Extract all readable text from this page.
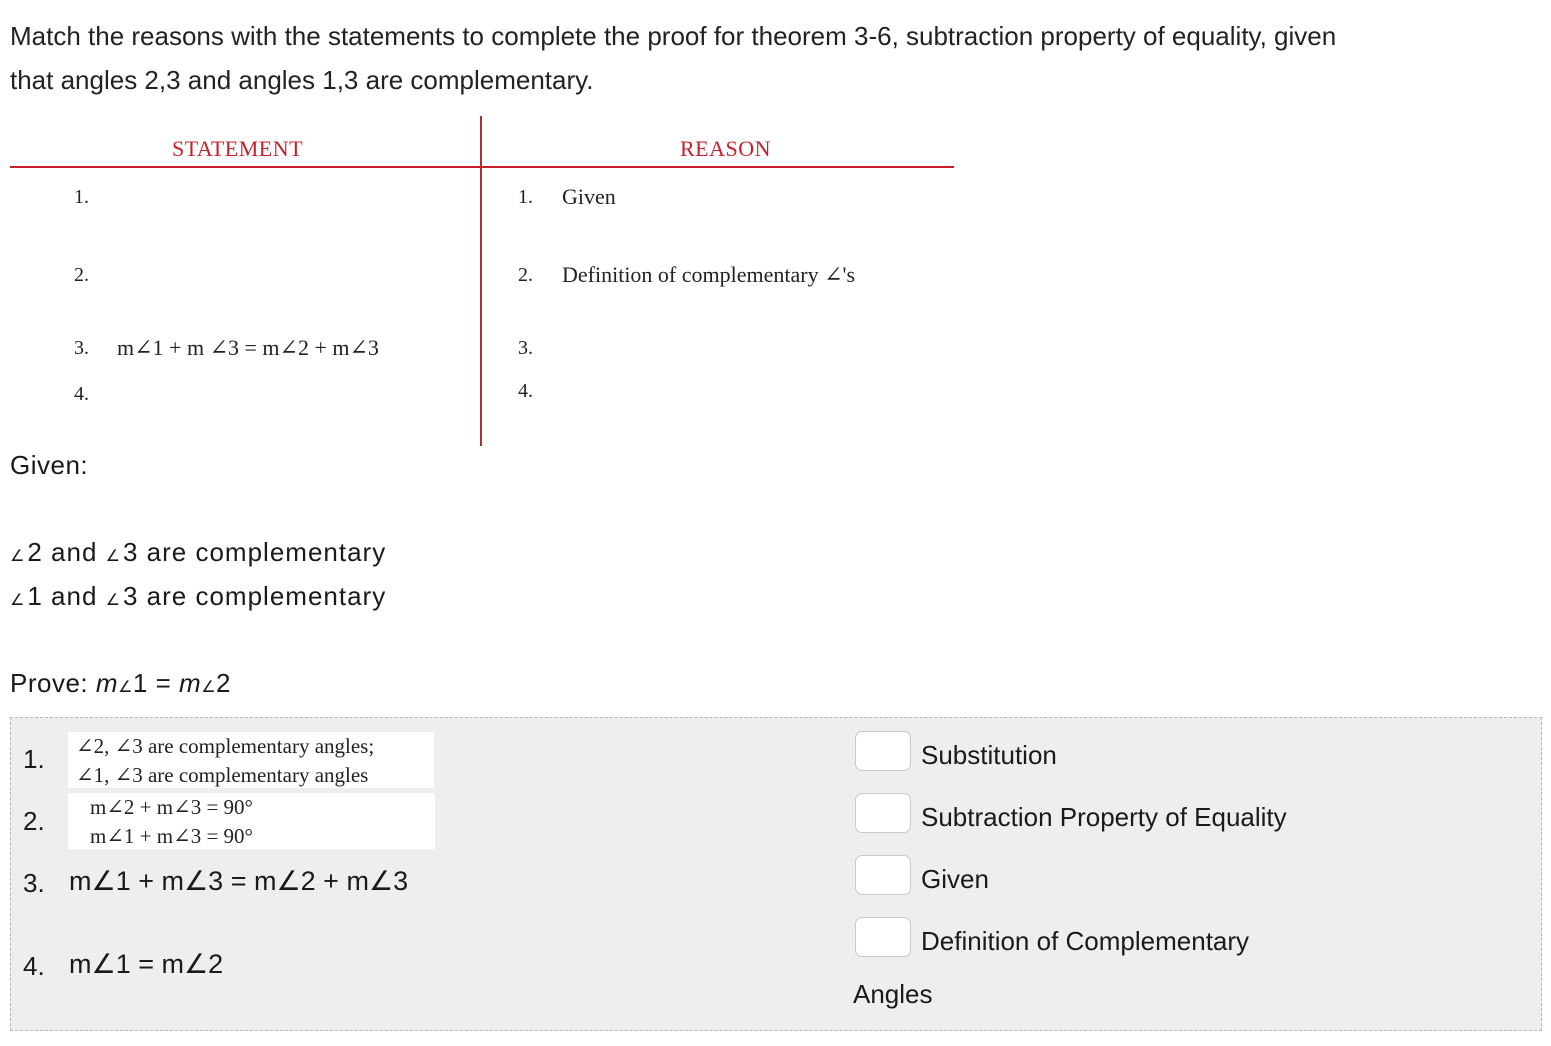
Match the reasons with the statements to complete the proof for theorem 3-6, subtraction property of equality, given
that angles 2,3 and angles 1,3 are complementary.
STATEMENT	REASON
1.
2.
3. m∠1 + m ∠3 = m∠2 + m∠3
4.
1. Given
2. Definition of complementary ∠'s
3.
4.
Given:
∠2 and ∠3 are complementary
∠1 and ∠3 are complementary
Prove: m∠1 = m∠2
1. ∠2, ∠3 are complementary angles;
∠1, ∠3 are complementary angles
2. m∠2 + m∠3 = 90°
m∠1 + m∠3 = 90°
3. m∠1 + m∠3 = m∠2 + m∠3
4. m∠1 = m∠2
Substitution
Subtraction Property of Equality
Given
Definition of Complementary
Angles
